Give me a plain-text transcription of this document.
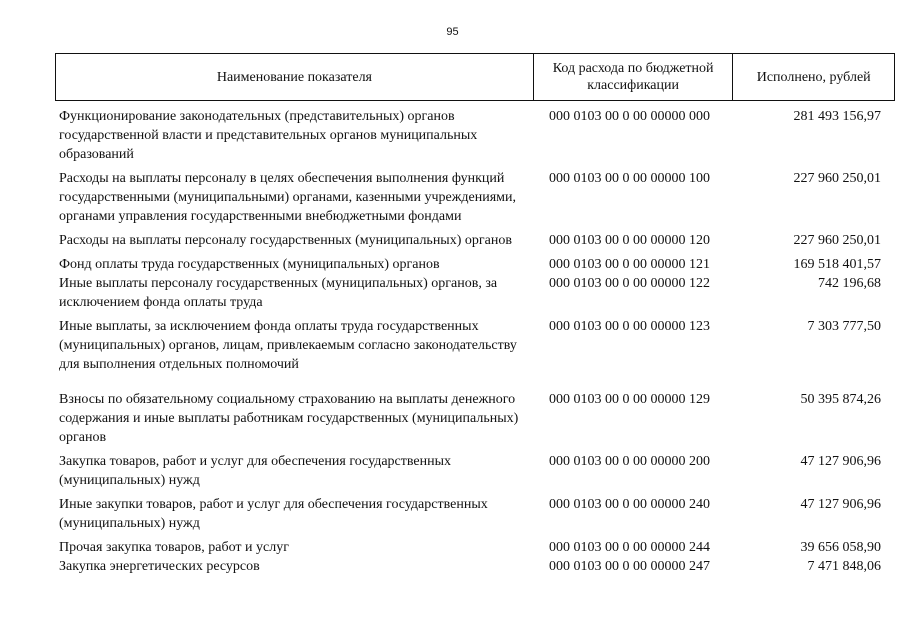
95
Наименование показателя
Код расхода по бюджетной классификации
Исполнено, рублей
Функционирование законодательных (представительных) органов государственной власти и представительных органов муниципальных образований
000 0103 00 0 00 00000 000	281 493 156,97
Расходы на выплаты персоналу в целях обеспечения выполнения функций государственными (муниципальными) органами, казенными учреждениями, органами управления государственными внебюджетными фондами
000 0103 00 0 00 00000 100	227 960 250,01
Расходы на выплаты персоналу государственных (муниципальных) органов	000 0103 00 0 00 00000 120	227 960 250,01
Фонд оплаты труда государственных (муниципальных) органов	000 0103 00 0 00 00000 121	169 518 401,57
Иные выплаты персоналу государственных (муниципальных) органов, за исключением фонда оплаты труда
000 0103 00 0 00 00000 122	742 196,68
Иные выплаты, за исключением фонда оплаты труда государственных (муниципальных) органов, лицам, привлекаемым согласно законодательству для выполнения отдельных полномочий
000 0103 00 0 00 00000 123	7 303 777,50
Взносы по обязательному социальному страхованию на выплаты денежного содержания и иные выплаты работникам государственных (муниципальных) органов
000 0103 00 0 00 00000 129	50 395 874,26
Закупка товаров, работ и услуг для обеспечения государственных (муниципальных) нужд
000 0103 00 0 00 00000 200	47 127 906,96
Иные закупки товаров, работ и услуг для обеспечения государственных (муниципальных) нужд
000 0103 00 0 00 00000 240	47 127 906,96
Прочая закупка товаров, работ и услуг	000 0103 00 0 00 00000 244	39 656 058,90
Закупка энергетических ресурсов	000 0103 00 0 00 00000 247	7 471 848,06
